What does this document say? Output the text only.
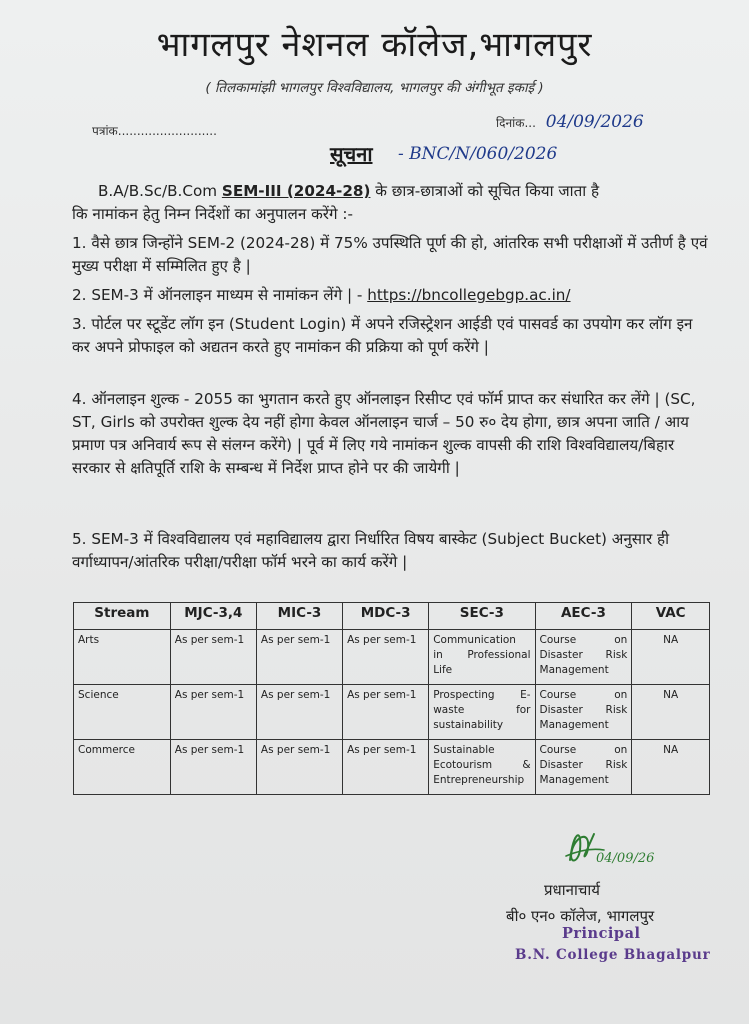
भागलपुर नेशनल कॉलेज,भागलपुर
( तिलकामांझी भागलपुर विश्वविद्यालय, भागलपुर की अंगीभूत इकाई )
पत्रांक..........................
दिनांक... 04/09/2026
सूचना - BNC/N/060/2026
B.A/B.Sc/B.Com SEM-III (2024-28) के छात्र-छात्राओं को सूचित किया जाता है
कि नामांकन हेतु निम्न निर्देशों का अनुपालन करेंगे :-
1. वैसे छात्र जिन्होंने SEM-2 (2024-28) में 75% उपस्थिति पूर्ण की हो, आंतरिक सभी परीक्षाओं में उतीर्ण है एवं मुख्य परीक्षा में सम्मिलित हुए है |
2. SEM-3 में ऑनलाइन माध्यम से नामांकन लेंगे | - https://bncollegebgp.ac.in/
3. पोर्टल पर स्टूडेंट लॉग इन (Student Login) में अपने रजिस्ट्रेशन आईडी एवं पासवर्ड का उपयोग कर लॉग इन कर अपने प्रोफाइल को अद्यतन करते हुए नामांकन की प्रक्रिया को पूर्ण करेंगे |
4. ऑनलाइन शुल्क - 2055 का भुगतान करते हुए ऑनलाइन रिसीप्ट एवं फॉर्म प्राप्त कर संधारित कर लेंगे | (SC, ST, Girls को उपरोक्त शुल्क देय नहीं होगा केवल ऑनलाइन चार्ज – 50 रु० देय होगा, छात्र अपना जाति / आय प्रमाण पत्र अनिवार्य रूप से संलग्न करेंगे) | पूर्व में लिए गये नामांकन शुल्क वापसी की राशि विश्वविद्यालय/बिहार सरकार से क्षतिपूर्ति राशि के सम्बन्ध में निर्देश प्राप्त होने पर की जायेगी |
5. SEM-3 में विश्वविद्यालय एवं महाविद्यालय द्वारा निर्धारित विषय बास्केट (Subject Bucket) अनुसार ही वर्गाध्यापन/आंतरिक परीक्षा/परीक्षा फॉर्म भरने का कार्य करेंगे |
Stream	MJC-3,4	MIC-3	MDC-3	SEC-3	AEC-3	VAC
Arts	As per sem-1	As per sem-1	As per sem-1	Communication
in Professional
Life	Course on
Disaster Risk
Management	NA
Science	As per sem-1	As per sem-1	As per sem-1	Prospecting E-
waste for
sustainability	Course on
Disaster Risk
Management	NA
Commerce	As per sem-1	As per sem-1	As per sem-1	Sustainable
Ecotourism &
Entrepreneurship	Course on
Disaster Risk
Management	NA
04/09/26
प्रधानाचार्य
बी० एन० कॉलेज, भागलपुर
Principal
B.N. College Bhagalpur
